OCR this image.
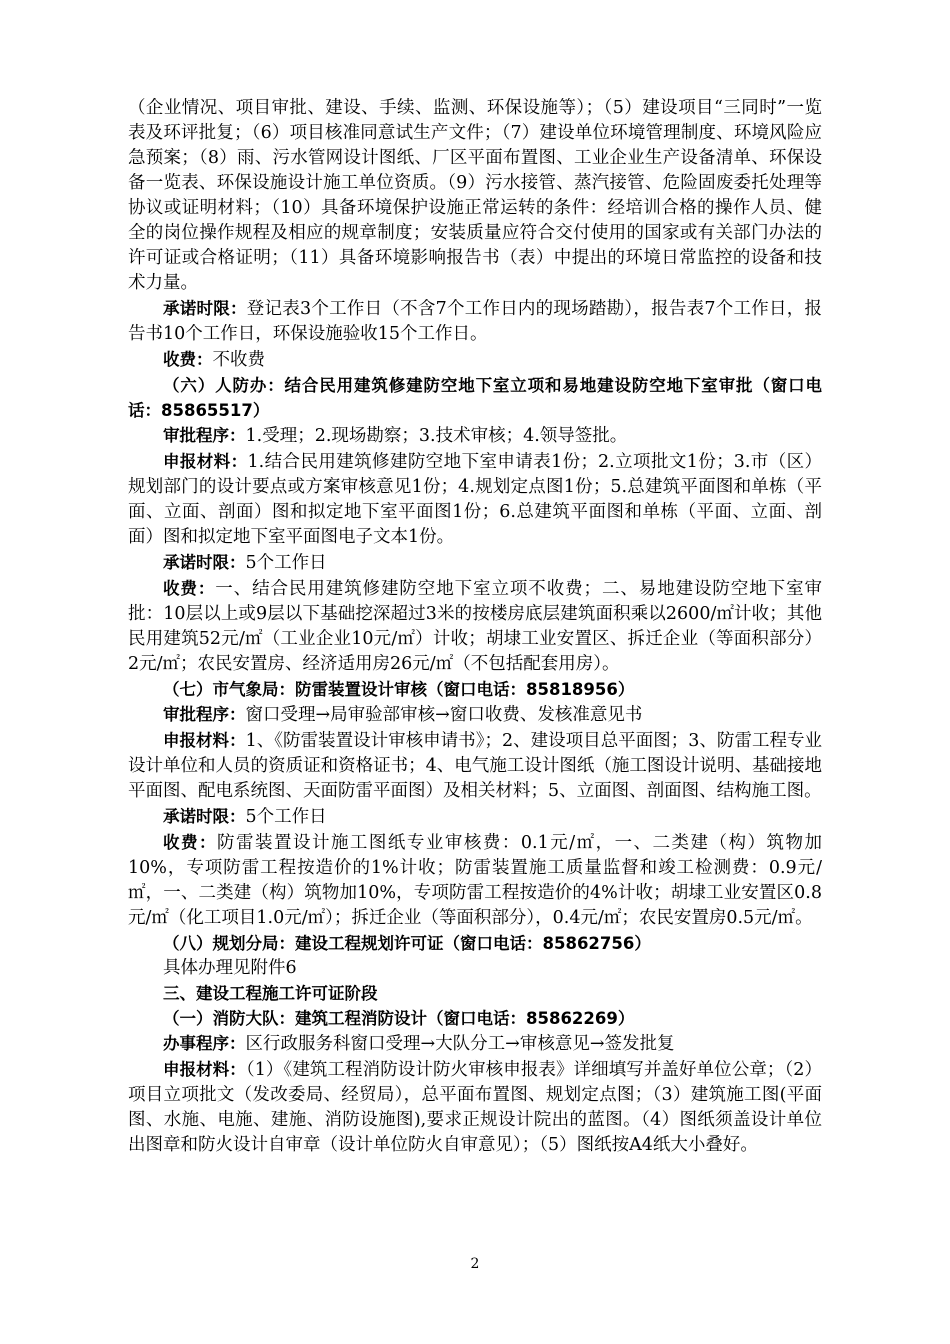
（企业情况、项目审批、建设、手续、监测、环保设施等）；（5）建设项目“三同时”一览表及环评批复；（6）项目核准同意试生产文件；（7）建设单位环境管理制度、环境风险应急预案；（8）雨、污水管网设计图纸、厂区平面布置图、工业企业生产设备清单、环保设备一览表、环保设施设计施工单位资质。（9）污水接管、蒸汽接管、危险固废委托处理等协议或证明材料；（10）具备环境保护设施正常运转的条件：经培训合格的操作人员、健全的岗位操作规程及相应的规章制度；安装质量应符合交付使用的国家或有关部门办法的许可证或合格证明；（11）具备环境影响报告书（表）中提出的环境日常监控的设备和技术力量。

承诺时限：登记表3个工作日（不含7个工作日内的现场踏勘），报告表7个工作日，报告书10个工作日，环保设施验收15个工作日。

收费：不收费

（六）人防办：结合民用建筑修建防空地下室立项和易地建设防空地下室审批（窗口电话：85865517）

审批程序：1.受理；2.现场勘察；3.技术审核；4.领导签批。

申报材料：1.结合民用建筑修建防空地下室申请表1份；2.立项批文1份；3.市（区）规划部门的设计要点或方案审核意见1份；4.规划定点图1份；5.总建筑平面图和单栋（平面、立面、剖面）图和拟定地下室平面图1份；6.总建筑平面图和单栋（平面、立面、剖面）图和拟定地下室平面图电子文本1份。

承诺时限：5个工作日

收费：一、结合民用建筑修建防空地下室立项不收费；二、易地建设防空地下室审批：10层以上或9层以下基础挖深超过3米的按楼房底层建筑面积乘以2600/㎡计收；其他民用建筑52元/㎡（工业企业10元/㎡）计收；胡埭工业安置区、拆迁企业（等面积部分）2元/㎡；农民安置房、经济适用房26元/㎡（不包括配套用房）。

（七）市气象局：防雷装置设计审核（窗口电话：85818956）

审批程序：窗口受理→局审验部审核→窗口收费、发核准意见书

申报材料：1、《防雷装置设计审核申请书》；2、建设项目总平面图；3、防雷工程专业设计单位和人员的资质证和资格证书；4、电气施工设计图纸（施工图设计说明、基础接地平面图、配电系统图、天面防雷平面图）及相关材料；5、立面图、剖面图、结构施工图。

承诺时限：5个工作日

收费：防雷装置设计施工图纸专业审核费：0.1元/㎡，一、二类建（构）筑物加10%，专项防雷工程按造价的1%计收；防雷装置施工质量监督和竣工检测费：0.9元/㎡，一、二类建（构）筑物加10%，专项防雷工程按造价的4%计收；胡埭工业安置区0.8元/㎡（化工项目1.0元/㎡）；拆迁企业（等面积部分），0.4元/㎡；农民安置房0.5元/㎡。

（八）规划分局：建设工程规划许可证（窗口电话：85862756）

具体办理见附件6

三、建设工程施工许可证阶段

（一）消防大队：建筑工程消防设计（窗口电话：85862269）

办事程序：区行政服务科窗口受理→大队分工→审核意见→签发批复

申报材料：（1）《建筑工程消防设计防火审核申报表》详细填写并盖好单位公章；（2）项目立项批文（发改委局、经贸局），总平面布置图、规划定点图；（3）建筑施工图(平面图、水施、电施、建施、消防设施图),要求正规设计院出的蓝图。（4）图纸须盖设计单位出图章和防火设计自审章（设计单位防火自审意见）；（5）图纸按A4纸大小叠好。

2
